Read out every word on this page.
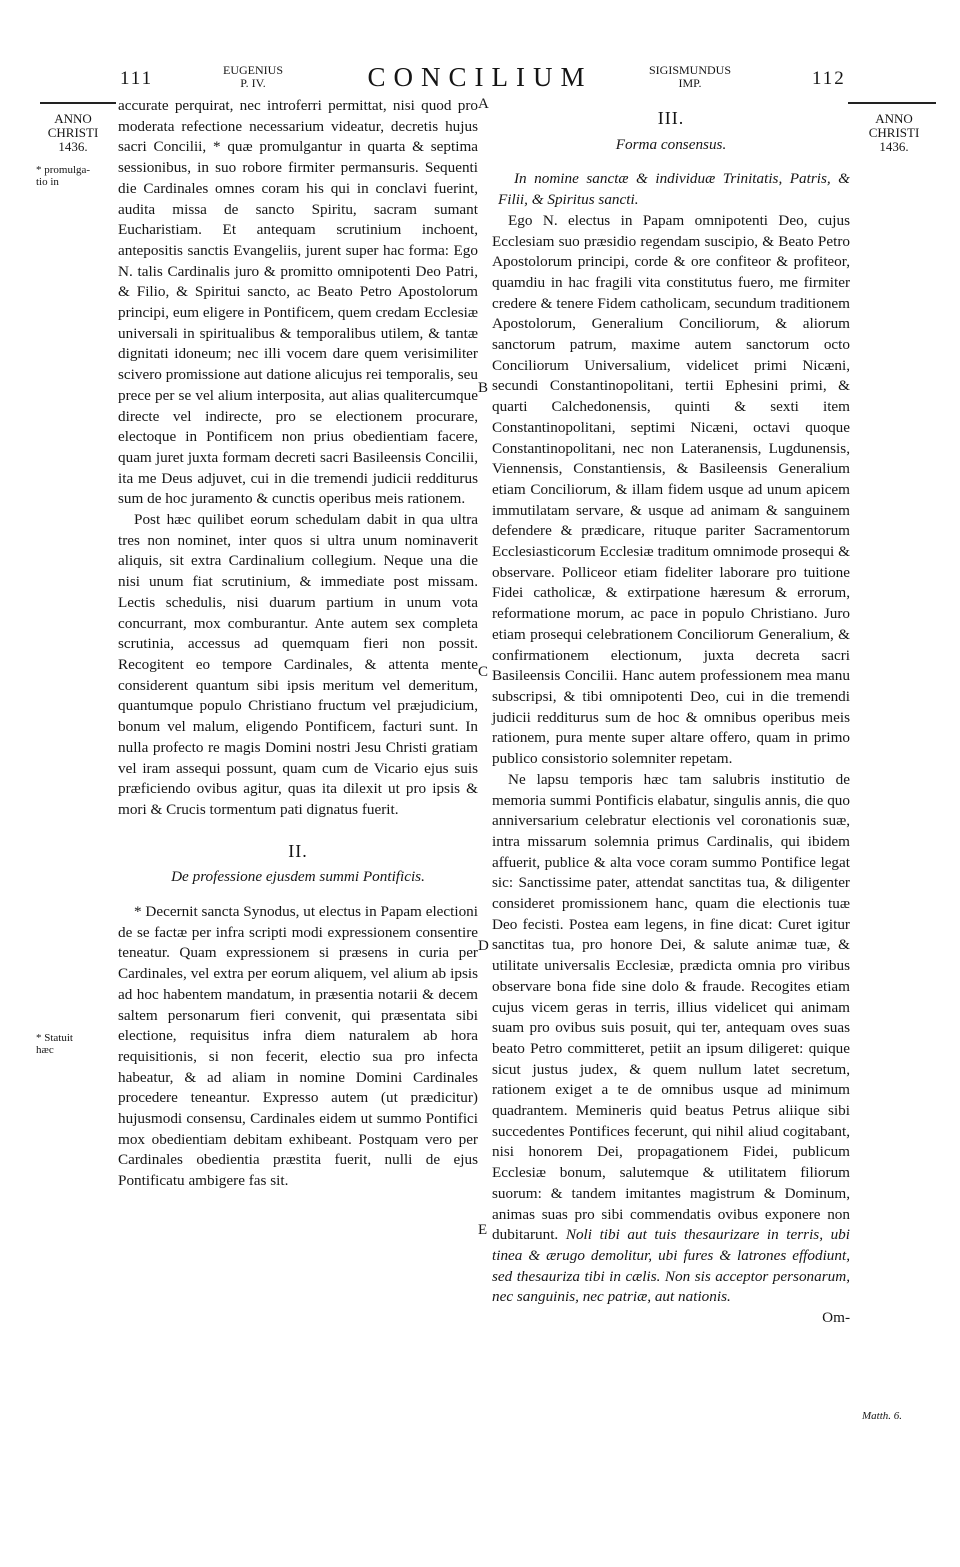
111	EUGENIUS
P. IV.	CONCILIUM	SIGISMUNDUS
IMP.	112
ANNO
CHRISTI
1436.
ANNO
CHRISTI
1436.
* promulga-
tio in
* Statuit
hæc
Matth. 6.
A
B
C
D
E

accurate perquirat, nec introferri permittat, nisi quod pro moderata refectione necessarium videatur, decretis hujus sacri Concilii, * quæ promulgantur in quarta & septima sessionibus, in suo robore firmiter permansuris. Sequenti die Cardinales omnes coram his qui in conclavi fuerint, audita missa de sancto Spiritu, sacram sumant Eucharistiam. Et antequam scrutinium inchoent, antepositis sanctis Evangeliis, jurent super hac forma: Ego N. talis Cardinalis juro & promitto omnipotenti Deo Patri, & Filio, & Spiritui sancto, ac Beato Petro Apostolorum principi, eum eligere in Pontificem, quem credam Ecclesiæ universali in spiritualibus & temporalibus utilem, & tantæ dignitati idoneum; nec illi vocem dare quem verisimiliter scivero promissione aut datione alicujus rei temporalis, seu prece per se vel alium interposita, aut alias qualitercumque directe vel indirecte, pro se electionem procurare, electoque in Pontificem non prius obedientiam facere, quam juret juxta formam decreti sacri Basileensis Concilii, ita me Deus adjuvet, cui in die tremendi judicii redditurus sum de hoc juramento & cunctis operibus meis rationem.

Post hæc quilibet eorum schedulam dabit in qua ultra tres non nominet, inter quos si ultra unum nominaverit aliquis, sit extra Cardinalium collegium. Neque una die nisi unum fiat scrutinium, & immediate post missam. Lectis schedulis, nisi duarum partium in unum vota concurrant, mox comburantur. Ante autem sex completa scrutinia, accessus ad quemquam fieri non possit. Recogitent eo tempore Cardinales, & attenta mente considerent quantum sibi ipsis meritum vel demeritum, quantumque populo Christiano fructum vel præjudicium, bonum vel malum, eligendo Pontificem, facturi sunt. In nulla profecto re magis Domini nostri Jesu Christi gratiam vel iram assequi possunt, quam cum de Vicario ejus suis præficiendo ovibus agitur, quas ita dilexit ut pro ipsis & mori & Crucis tormentum pati dignatus fuerit.

II.
De professione ejusdem summi Pontificis.

* Decernit sancta Synodus, ut electus in Papam electioni de se factæ per infra scripti modi expressionem consentire teneatur. Quam expressionem si præsens in curia per Cardinales, vel extra per eorum aliquem, vel alium ab ipsis ad hoc habentem mandatum, in præsentia notarii & decem saltem personarum fieri convenit, qui præsentata sibi electione, requisitus infra diem naturalem ab hora requisitionis, si non fecerit, electio sua pro infecta habeatur, & ad aliam in nomine Domini Cardinales procedere teneantur. Expresso autem (ut prædicitur) hujusmodi consensu, Cardinales eidem ut summo Pontifici mox obedientiam debitam exhibeant. Postquam vero per Cardinales obedientia præstita fuerit, nulli de ejus Pontificatu ambigere fas sit.

III.
Forma consensus.

In nomine sanctæ & individuæ Trinitatis, Patris, & Filii, & Spiritus sancti.

Ego N. electus in Papam omnipotenti Deo, cujus Ecclesiam suo præsidio regendam suscipio, & Beato Petro Apostolorum principi, corde & ore confiteor & profiteor, quamdiu in hac fragili vita constitutus fuero, me firmiter credere & tenere Fidem catholicam, secundum traditionem Apostolorum, Generalium Conciliorum, & aliorum sanctorum patrum, maxime autem sanctorum octo Conciliorum Universalium, videlicet primi Nicæni, secundi Constantinopolitani, tertii Ephesini primi, & quarti Calchedonensis, quinti & sexti item Constantinopolitani, septimi Nicæni, octavi quoque Constantinopolitani, nec non Lateranensis, Lugdunensis, Viennensis, Constantiensis, & Basileensis Generalium etiam Conciliorum, & illam fidem usque ad unum apicem immutilatam servare, & usque ad animam & sanguinem defendere & prædicare, rituque pariter Sacramentorum Ecclesiasticorum Ecclesiæ traditum omnimode prosequi & observare. Polliceor etiam fideliter laborare pro tuitione Fidei catholicæ, & extirpatione hæresum & errorum, reformatione morum, ac pace in populo Christiano. Juro etiam prosequi celebrationem Conciliorum Generalium, & confirmationem electionum, juxta decreta sacri Basileensis Concilii. Hanc autem professionem mea manu subscripsi, & tibi omnipotenti Deo, cui in die tremendi judicii redditurus sum de hoc & omnibus operibus meis rationem, pura mente super altare offero, quam in primo publico consistorio solemniter repetam.

Ne lapsu temporis hæc tam salubris institutio de memoria summi Pontificis elabatur, singulis annis, die quo anniversarium celebratur electionis vel coronationis suæ, intra missarum solemnia primus Cardinalis, qui ibidem affuerit, publice & alta voce coram summo Pontifice legat sic: Sanctissime pater, attendat sanctitas tua, & diligenter consideret promissionem hanc, quam die electionis tuæ Deo fecisti. Postea eam legens, in fine dicat: Curet igitur sanctitas tua, pro honore Dei, & salute animæ tuæ, & utilitate universalis Ecclesiæ, prædicta omnia pro viribus observare bona fide sine dolo & fraude. Recogites etiam cujus vicem geras in terris, illius videlicet qui animam suam pro ovibus suis posuit, qui ter, antequam oves suas beato Petro committeret, petiit an ipsum diligeret: quique sicut justus judex, & quem nullum latet secretum, rationem exiget a te de omnibus usque ad minimum quadrantem. Memineris quid beatus Petrus aliique sibi succedentes Pontifices fecerunt, qui nihil aliud cogitabant, nisi honorem Dei, propagationem Fidei, publicum Ecclesiæ bonum, salutemque & utilitatem filiorum suorum: & tandem imitantes magistrum & Dominum, animas suas pro sibi commendatis ovibus exponere non dubitarunt. Noli tibi aut tuis thesaurizare in terris, ubi tinea & ærugo demolitur, ubi fures & latrones effodiunt, sed thesauriza tibi in cælis. Non sis acceptor personarum, nec sanguinis, nec patriæ, aut nationis.

Om-
